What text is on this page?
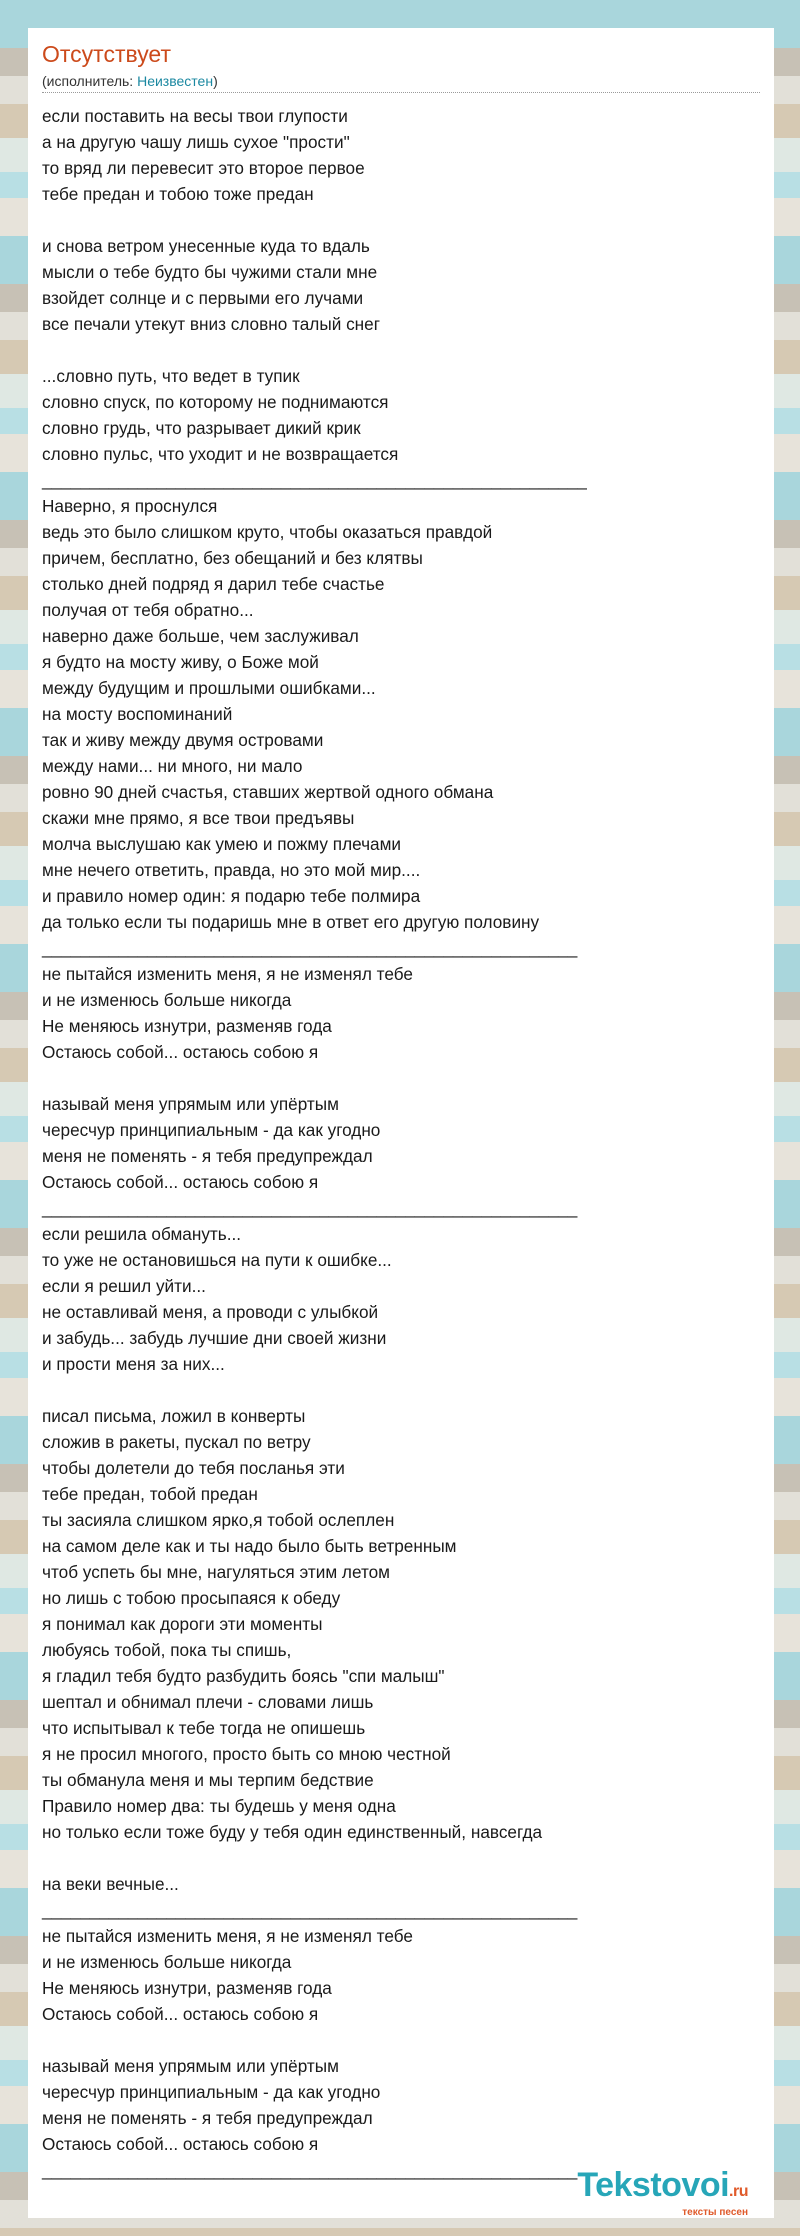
Отсутствует
(исполнитель: Неизвестен)
если поставить на весы твои глупости
а на другую чашу лишь сухое "прости"
то вряд ли перевесит это второе первое
тебе предан и тобою тоже предан

и снова ветром унесенные куда то вдаль
мысли о тебе будто бы чужими стали мне
взойдет солнце и с первыми его лучами
все печали утекут вниз словно талый снег

...словно путь, что ведет в тупик
словно спуск, по которому не поднимаются
словно грудь, что разрывает дикий крик
словно пульс, что уходит и не возвращается
_________________________________________________________
Наверно, я проснулся
ведь это было слишком круто, чтобы оказаться правдой
причем, бесплатно, без обещаний и без клятвы
столько дней подряд я дарил тебе счастье
получая от тебя обратно...
наверно даже больше, чем заслуживал
я будто на мосту живу, о Боже мой
между будущим и прошлыми ошибками...
на мосту воспоминаний
так и живу между двумя островами
между нами... ни много, ни мало
ровно 90 дней счастья, ставших жертвой одного обмана
скажи мне прямо, я все твои предъявы
молча выслушаю как умею и пожму плечами
мне нечего ответить, правда, но это мой мир....
и правило номер один: я подарю тебе полмира
да только если ты подаришь мне в ответ его другую половину
________________________________________________________
не пытайся изменить меня, я не изменял тебе
и не изменюсь больше никогда
Не меняюсь изнутри, разменяв года
Остаюсь собой... остаюсь собою я

называй меня упрямым или упёртым
чересчур принципиальным - да как угодно
меня не поменять - я тебя предупреждал
Остаюсь собой... остаюсь собою я
________________________________________________________
если решила обмануть...
то уже не остановишься на пути к ошибке...
если я решил уйти...
не оставливай меня, а проводи с улыбкой
и забудь... забудь лучшие дни своей жизни
и прости меня за них...

писал письма, ложил в конверты
сложив в ракеты, пускал по ветру
чтобы долетели до тебя посланья эти
тебе предан, тобой предан
ты засияла слишком ярко,я тобой ослеплен
на самом деле как и ты надо было быть ветренным
чтоб успеть бы мне, нагуляться этим летом
но лишь с тобою просыпаяся к обеду
я понимал как дороги эти моменты
любуясь тобой, пока ты спишь,
я гладил тебя будто разбудить боясь "спи малыш"
шептал и обнимал плечи - словами лишь
что испытывал к тебе тогда не опишешь
я не просил многого, просто быть со мною честной
ты обманула меня и мы терпим бедствие
Правило номер два: ты будешь у меня одна
но только если тоже буду у тебя один единственный, навсегда

на веки вечные...
________________________________________________________
не пытайся изменить меня, я не изменял тебе
и не изменюсь больше никогда
Не меняюсь изнутри, разменяв года
Остаюсь собой... остаюсь собою я

называй меня упрямым или упёртым
чересчур принципиальным - да как угодно
меня не поменять - я тебя предупреждал
Остаюсь собой... остаюсь собою я
________________________________________________________ Tekstovoi.ru
тексты песен
